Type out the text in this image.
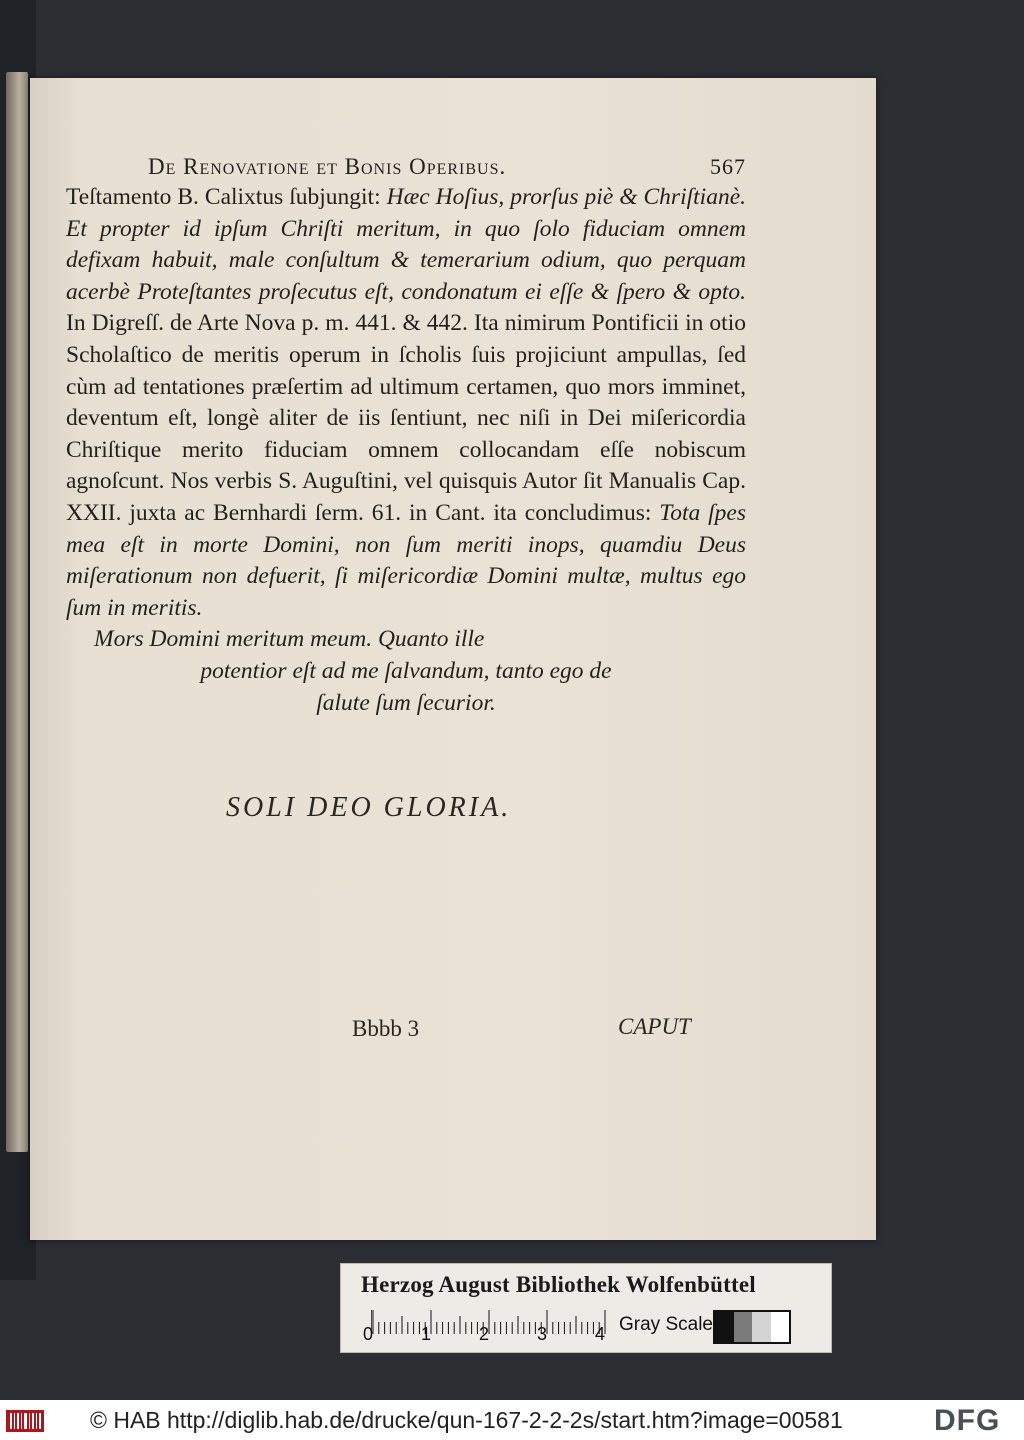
De Renovatione et Bonis Operibus.	567
Teſtamento B. Calixtus ſubjungit: Hæc Hoſius, prorſus piè & Chriſtianè. Et propter id ipſum Chriſti meritum, in quo ſolo fiduciam omnem defixam habuit, male conſultum & temerarium odium, quo perquam acerbè Proteſtantes proſecutus eſt, condonatum ei eſſe & ſpero & opto. In Digreſſ. de Arte Nova p. m. 441. & 442. Ita nimirum Pontificii in otio Scholaſtico de meritis operum in ſcholis ſuis projiciunt ampullas, ſed cùm ad tentationes præſertim ad ultimum certamen, quo mors imminet, deventum eſt, longè aliter de iis ſentiunt, nec niſi in Dei miſericordia Chriſtique merito fiduciam omnem collocandam eſſe nobiscum agnoſcunt. Nos verbis S. Auguſtini, vel quisquis Autor ſit Manualis Cap. XXII. juxta ac Bernhardi ſerm. 61. in Cant. ita concludimus: Tota ſpes mea eſt in morte Domini, non ſum meriti inops, quamdiu Deus miſerationum non defuerit, ſi miſericordiæ Domini multæ, multus ego ſum in meritis.
Mors Domini meritum meum. Quanto ille
potentior eſt ad me ſalvandum, tanto ego de
ſalute ſum ſecurior.
SOLI DEO GLORIA.
Bbbb 3	CAPUT
Herzog August Bibliothek Wolfenbüttel
0	1	2	3	4 Gray Scale
© HAB http://diglib.hab.de/drucke/qun-167-2-2-2s/start.htm?image=00581	DFG
